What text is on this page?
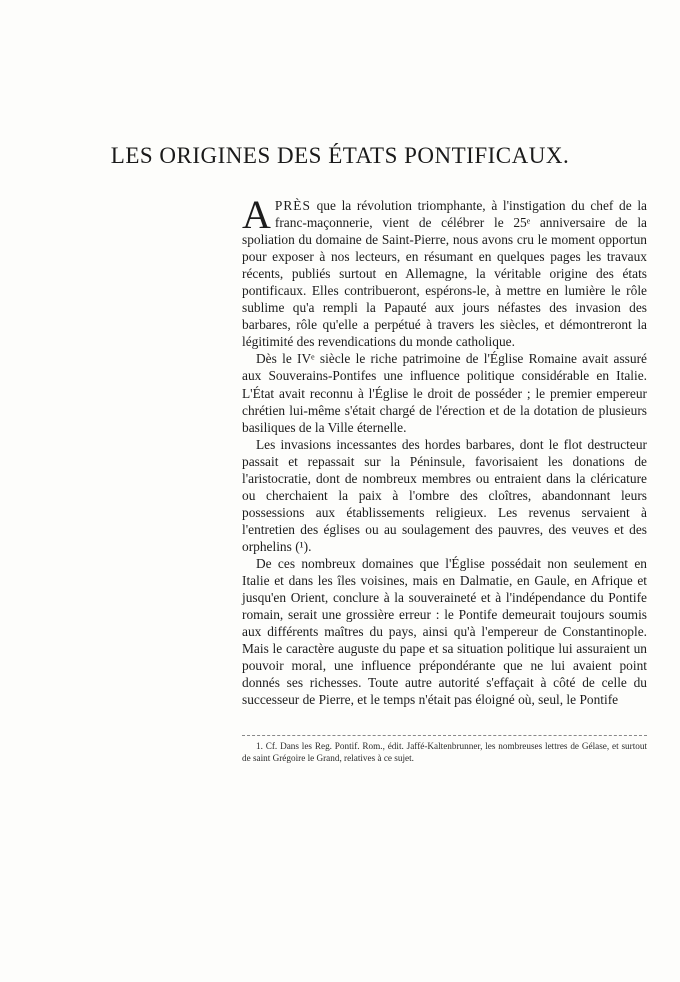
LES ORIGINES DES ÉTATS PONTIFICAUX.

APRÈS que la révolution triomphante, à l'instigation du chef de la franc-maçonnerie, vient de célébrer le 25ᵉ anniversaire de la spoliation du domaine de Saint-Pierre, nous avons cru le moment opportun pour exposer à nos lecteurs, en résumant en quelques pages les travaux récents, publiés surtout en Allemagne, la véritable origine des états pontificaux. Elles contribueront, espérons-le, à mettre en lumière le rôle sublime qu'a rempli la Papauté aux jours néfastes des invasion des barbares, rôle qu'elle a perpétué à travers les siècles, et démontreront la légitimité des revendications du monde catholique.

Dès le IVᵉ siècle le riche patrimoine de l'Église Romaine avait assuré aux Souverains-Pontifes une influence politique considérable en Italie. L'État avait reconnu à l'Église le droit de posséder ; le premier empereur chrétien lui-même s'était chargé de l'érection et de la dotation de plusieurs basiliques de la Ville éternelle.

Les invasions incessantes des hordes barbares, dont le flot destructeur passait et repassait sur la Péninsule, favorisaient les donations de l'aristocratie, dont de nombreux membres ou entraient dans la cléricature ou cherchaient la paix à l'ombre des cloîtres, abandonnant leurs possessions aux établissements religieux. Les revenus servaient à l'entretien des églises ou au soulagement des pauvres, des veuves et des orphelins (¹).

De ces nombreux domaines que l'Église possédait non seulement en Italie et dans les îles voisines, mais en Dalmatie, en Gaule, en Afrique et jusqu'en Orient, conclure à la souveraineté et à l'indépendance du Pontife romain, serait une grossière erreur : le Pontife demeurait toujours soumis aux différents maîtres du pays, ainsi qu'à l'empereur de Constantinople. Mais le caractère auguste du pape et sa situation politique lui assuraient un pouvoir moral, une influence prépondérante que ne lui avaient point donnés ses richesses. Toute autre autorité s'effaçait à côté de celle du successeur de Pierre, et le temps n'était pas éloigné où, seul, le Pontife

1. Cf. Dans les Reg. Pontif. Rom., édit. Jaffé-Kaltenbrunner, les nombreuses lettres de Gélase, et surtout de saint Grégoire le Grand, relatives à ce sujet.
